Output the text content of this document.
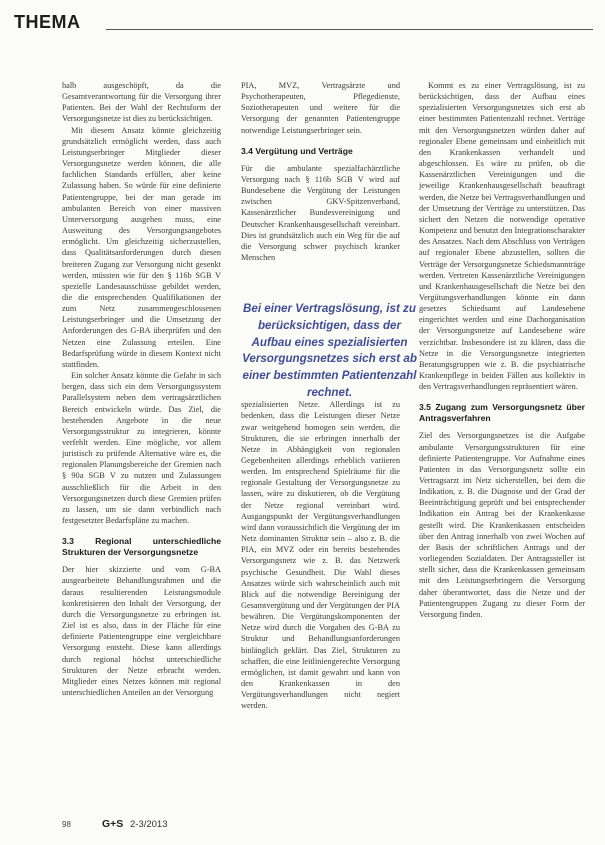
THEMA

halb ausgeschöpft, da die Gesamtverantwortung für die Versorgung ihrer Patienten. Bei der Wahl der Rechtsform der Versorgungsnetze ist dies zu berücksichtigen.

Mit diesem Ansatz könnte gleichzeitig grundsätzlich ermöglicht werden, dass auch Leistungserbringer Mitglieder dieser Versorgungsnetze werden können, die alle fachlichen Standards erfüllen, aber keine Zulassung haben. So würde für eine definierte Patientengruppe, bei der man gerade im ambulanten Bereich von einer massiven Unterversorgung ausgehen muss, eine Ausweitung des Versorgungsangebotes ermöglicht. Um gleichzeitig sicherzustellen, dass Qualitätsanforderungen durch diesen breiteren Zugang zur Versorgung nicht gesenkt werden, müssten wie für den § 116b SGB V spezielle Landesausschüsse gebildet werden, die die entsprechenden Qualifikationen der zum Netz zusammengeschlossenen Leistungserbringer und die Umsetzung der Anforderungen des G-BA überprüfen und den Netzen eine Zulassung erteilen. Eine Bedarfsprüfung würde in diesem Kontext nicht stattfinden.

Ein solcher Ansatz könnte die Gefahr in sich bergen, dass sich ein dem Versorgungssystem Parallelsystem neben dem vertragsärztlichen Bereich entwickeln würde. Das Ziel, die bestehenden Angebote in die neue Versorgungsstruktur zu integrieren, könnte verfehlt werden. Eine mögliche, vor allem juristisch zu prüfende Alternative wäre es, die regionalen Planungsbereiche der Gremien nach § 90a SGB V zu nutzen und Zulassungen ausschließlich für die Arbeit in den Versorgungsnetzen durch diese Gremien prüfen zu lassen, um sie dann verbindlich nach festgesetzter Bedarfspläne zu machen.

3.3 Regional unterschiedliche Strukturen der Versorgungsnetze

Der hier skizzierte und vom G-BA ausgearbeitete Behandlungsrahmen und die daraus resultierenden Leistungsmodule konkretisieren den Inhalt der Versorgung, der durch die Versorgungsnetze zu erbringen ist. Ziel ist es also, dass in der Fläche für eine definierte Patientengruppe eine vergleichbare Versorgung entsteht. Diese kann allerdings durch regional höchst unterschiedliche Strukturen der Netze erbracht werden. Mitglieder eines Netzes können mit regional unterschiedlichen Anteilen an der Versorgung

PIA, MVZ, Vertragsärzte und Psychotherapeuten, Pflegedienste, Soziotherapeuten und weitere für die Versorgung der genannten Patientengruppe notwendige Leistungserbringer sein.

3.4 Vergütung und Verträge

Für die ambulante spezialfachärztliche Versorgung nach § 116b SGB V wird auf Bundesebene die Vergütung der Leistungen zwischen GKV-Spitzenverband, Kassenärztlicher Bundesvereinigung und Deutscher Krankenhausgesellschaft vereinbart. Dies ist grundsätzlich auch ein Weg für die auf die Versorgung schwer psychisch kranker Menschen

spezialisierten Netze. Allerdings ist zu bedenken, dass die Leistungen dieser Netze zwar weitgehend homogen sein werden, die Strukturen, die sie erbringen innerhalb der Netze in Abhängigkeit von regionalen Gegebenheiten allerdings erheblich variieren werden. Im entsprechend Spielräume für die regionale Gestaltung der Versorgungsnetze zu lassen, wäre zu diskutieren, ob die Vergütung der Netze regional vereinbart wird. Ausgangspunkt der Vergütungsverhandlungen wird dann voraussichtlich die Vergütung der im Netz dominanten Struktur sein – also z. B. die PIA, ein MVZ oder ein bereits bestehendes Versorgungsnetz wie z. B. das Netzwerk psychische Gesundheit. Die Wahl dieses Ansatzes würde sich wahrscheinlich auch mit Blick auf die notwendige Bereinigung der Gesamtvergütung und der Vergütungen der PIA bewähren. Die Vergütungskomponenten der Netze wird durch die Vorgaben des G-BA zu Struktur und Behandlungsanforderungen hinlänglich geklärt. Das Ziel, Strukturen zu schaffen, die eine leitliniengerechte Versorgung ermöglichen, ist damit gewahrt und kann von den Krankenkassen in den Vergütungsverhandlungen nicht negiert werden.

Bei einer Vertragslösung, ist zu berücksichtigen, dass der Aufbau eines spezialisierten Versorgungsnetzes sich erst ab einer bestimmten Patientenzahl rechnet.

Kommt es zu einer Vertragslösung, ist zu berücksichtigen, dass der Aufbau eines spezialisierten Versorgungsnetzes sich erst ab einer bestimmten Patientenzahl rechnet. Verträge mit den Versorgungsnetzen würden daher auf regionaler Ebene gemeinsam und einheitlich mit den Krankenkassen verhandelt und abgeschlossen. Es wäre zu prüfen, ob die Kassenärztlichen Vereinigungen und die jeweilige Krankenhausgesellschaft beauftragt werden, die Netze bei Vertragsverhandlungen und der Umsetzung der Verträge zu unterstützen. Das sichert den Netzen die notwendige operative Kompetenz und benutzt den Integrationscharakter des Ansatzes. Nach dem Abschluss von Verträgen auf regionaler Ebene abzustellen, sollten die Verträge der Versorgungsnetze Schiedsmannträge werden. Vertreten Kassenärztliche Vereinigungen und Krankenhausgesellschaft die Netze bei den Vergütungsverhandlungen könnte ein dann gesetzes Schiedsamt auf Landesebene eingerichtet werden und eine Dachorganisation der Versorgungsnetze auf Landesebene wäre verzichtbar. Insbesondere ist zu klären, dass die Netze in die Versorgungsnetze integrierten Beratungsgruppen wie z. B. die psychiatrische Krankenpflege in beiden Fällen aus kollektiv in den Vertragsverhandlungen repräsentiert wären.

3.5 Zugang zum Versorgungsnetz über Antragsverfahren

Ziel des Versorgungsnetzes ist die Aufgabe ambulante Versorgungsstrukturen für eine definierte Patientengruppe. Vor Aufnahme eines Patienten in das Versorgungsnetz sollte ein Vertragsarzt im Netz sicherstellen, bei dem die Indikation, z. B. die Diagnose und der Grad der Beeinträchtigung geprüft und bei entsprechender Indikation ein Antrag bei der Krankenkasse gestellt wird. Die Krankenkassen entscheiden über den Antrag innerhalb von zwei Wochen auf der Basis der schriftlichen Antrags und der vorliegenden Sozialdaten. Der Antragssteller ist stellt sicher, dass die Krankenkassen gemeinsam mit den Leistungserbringern die Versorgung daher überantwortet, dass die Netze und der Patientengruppen Zugang zu dieser Form der Versorgung finden.

98	G+S 2-3/2013
